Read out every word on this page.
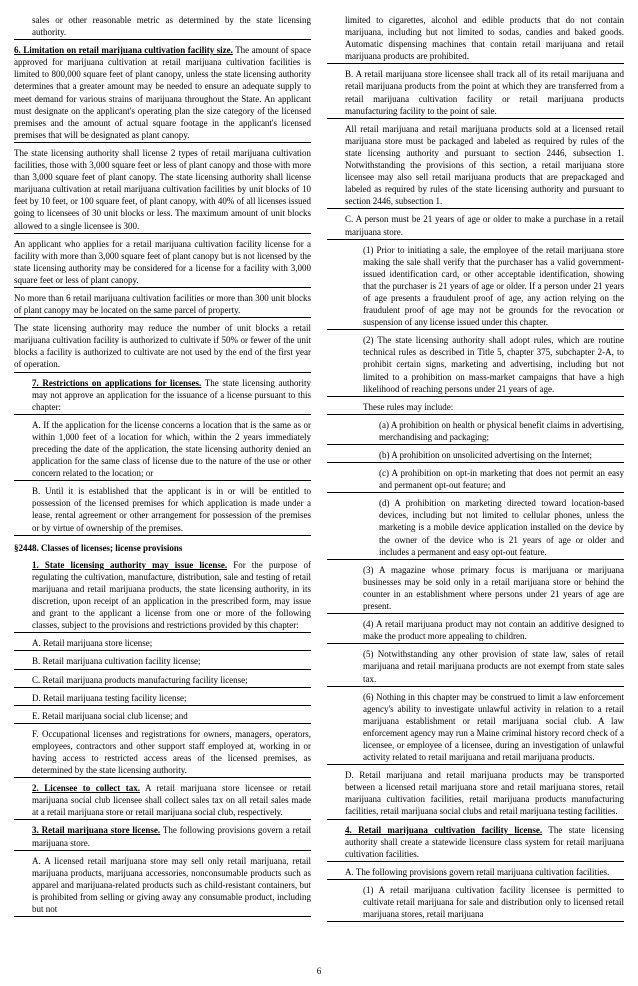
sales or other reasonable metric as determined by the state licensing authority.

6. Limitation on retail marijuana cultivation facility size. The amount of space approved for marijuana cultivation at retail marijuana cultivation facilities is limited to 800,000 square feet of plant canopy, unless the state licensing authority determines that a greater amount may be needed to ensure an adequate supply to meet demand for various strains of marijuana throughout the State. An applicant must designate on the applicant's operating plan the size category of the licensed premises and the amount of actual square footage in the applicant's licensed premises that will be designated as plant canopy.

The state licensing authority shall license 2 types of retail marijuana cultivation facilities, those with 3,000 square feet or less of plant canopy and those with more than 3,000 square feet of plant canopy. The state licensing authority shall license marijuana cultivation at retail marijuana cultivation facilities by unit blocks of 10 feet by 10 feet, or 100 square feet, of plant canopy, with 40% of all licenses issued going to licensees of 30 unit blocks or less. The maximum amount of unit blocks allowed to a single licensee is 300.

An applicant who applies for a retail marijuana cultivation facility license for a facility with more than 3,000 square feet of plant canopy but is not licensed by the state licensing authority may be considered for a license for a facility with 3,000 square feet or less of plant canopy.

No more than 6 retail marijuana cultivation facilities or more than 300 unit blocks of plant canopy may be located on the same parcel of property.

The state licensing authority may reduce the number of unit blocks a retail marijuana cultivation facility is authorized to cultivate if 50% or fewer of the unit blocks a facility is authorized to cultivate are not used by the end of the first year of operation.

7. Restrictions on applications for licenses. The state licensing authority may not approve an application for the issuance of a license pursuant to this chapter:

A. If the application for the license concerns a location that is the same as or within 1,000 feet of a location for which, within the 2 years immediately preceding the date of the application, the state licensing authority denied an application for the same class of license due to the nature of the use or other concern related to the location; or

B. Until it is established that the applicant is in or will be entitled to possession of the licensed premises for which application is made under a lease, rental agreement or other arrangement for possession of the premises or by virtue of ownership of the premises.

§2448. Classes of licenses; license provisions

1. State licensing authority may issue license. For the purpose of regulating the cultivation, manufacture, distribution, sale and testing of retail marijuana and retail marijuana products, the state licensing authority, in its discretion, upon receipt of an application in the prescribed form, may issue and grant to the applicant a license from one or more of the following classes, subject to the provisions and restrictions provided by this chapter:

A. Retail marijuana store license;

B. Retail marijuana cultivation facility license;

C. Retail marijuana products manufacturing facility license;

D. Retail marijuana testing facility license;

E. Retail marijuana social club license; and

F. Occupational licenses and registrations for owners, managers, operators, employees, contractors and other support staff employed at, working in or having access to restricted access areas of the licensed premises, as determined by the state licensing authority.

2. Licensee to collect tax. A retail marijuana store licensee or retail marijuana social club licensee shall collect sales tax on all retail sales made at a retail marijuana store or retail marijuana social club, respectively.

3. Retail marijuana store license. The following provisions govern a retail marijuana store.

A. A licensed retail marijuana store may sell only retail marijuana, retail marijuana products, marijuana accessories, nonconsumable products such as apparel and marijuana-related products such as child-resistant containers, but is prohibited from selling or giving away any consumable product, including but not

limited to cigarettes, alcohol and edible products that do not contain marijuana, including but not limited to sodas, candies and baked goods. Automatic dispensing machines that contain retail marijuana and retail marijuana products are prohibited.

B. A retail marijuana store licensee shall track all of its retail marijuana and retail marijuana products from the point at which they are transferred from a retail marijuana cultivation facility or retail marijuana products manufacturing facility to the point of sale.

All retail marijuana and retail marijuana products sold at a licensed retail marijuana store must be packaged and labeled as required by rules of the state licensing authority and pursuant to section 2446, subsection 1. Notwithstanding the provisions of this section, a retail marijuana store licensee may also sell retail marijuana products that are prepackaged and labeled as required by rules of the state licensing authority and pursuant to section 2446, subsection 1.

C. A person must be 21 years of age or older to make a purchase in a retail marijuana store.

(1) Prior to initiating a sale, the employee of the retail marijuana store making the sale shall verify that the purchaser has a valid government-issued identification card, or other acceptable identification, showing that the purchaser is 21 years of age or older. If a person under 21 years of age presents a fraudulent proof of age, any action relying on the fraudulent proof of age may not be grounds for the revocation or suspension of any license issued under this chapter.

(2) The state licensing authority shall adopt rules, which are routine technical rules as described in Title 5, chapter 375, subchapter 2-A, to prohibit certain signs, marketing and advertising, including but not limited to a prohibition on mass-market campaigns that have a high likelihood of reaching persons under 21 years of age.

These rules may include:

(a) A prohibition on health or physical benefit claims in advertising, merchandising and packaging;

(b) A prohibition on unsolicited advertising on the Internet;

(c) A prohibition on opt-in marketing that does not permit an easy and permanent opt-out feature; and

(d) A prohibition on marketing directed toward location-based devices, including but not limited to cellular phones, unless the marketing is a mobile device application installed on the device by the owner of the device who is 21 years of age or older and includes a permanent and easy opt-out feature.

(3) A magazine whose primary focus is marijuana or marijuana businesses may be sold only in a retail marijuana store or behind the counter in an establishment where persons under 21 years of age are present.

(4) A retail marijuana product may not contain an additive designed to make the product more appealing to children.

(5) Notwithstanding any other provision of state law, sales of retail marijuana and retail marijuana products are not exempt from state sales tax.

(6) Nothing in this chapter may be construed to limit a law enforcement agency's ability to investigate unlawful activity in relation to a retail marijuana establishment or retail marijuana social club. A law enforcement agency may run a Maine criminal history record check of a licensee, or employee of a licensee, during an investigation of unlawful activity related to retail marijuana and retail marijuana products.

D. Retail marijuana and retail marijuana products may be transported between a licensed retail marijuana store and retail marijuana stores, retail marijuana cultivation facilities, retail marijuana products manufacturing facilities, retail marijuana social clubs and retail marijuana testing facilities.

4. Retail marijuana cultivation facility license. The state licensing authority shall create a statewide licensure class system for retail marijuana cultivation facilities.

A. The following provisions govern retail marijuana cultivation facilities.

(1) A retail marijuana cultivation facility licensee is permitted to cultivate retail marijuana for sale and distribution only to licensed retail marijuana stores, retail marijuana

6
